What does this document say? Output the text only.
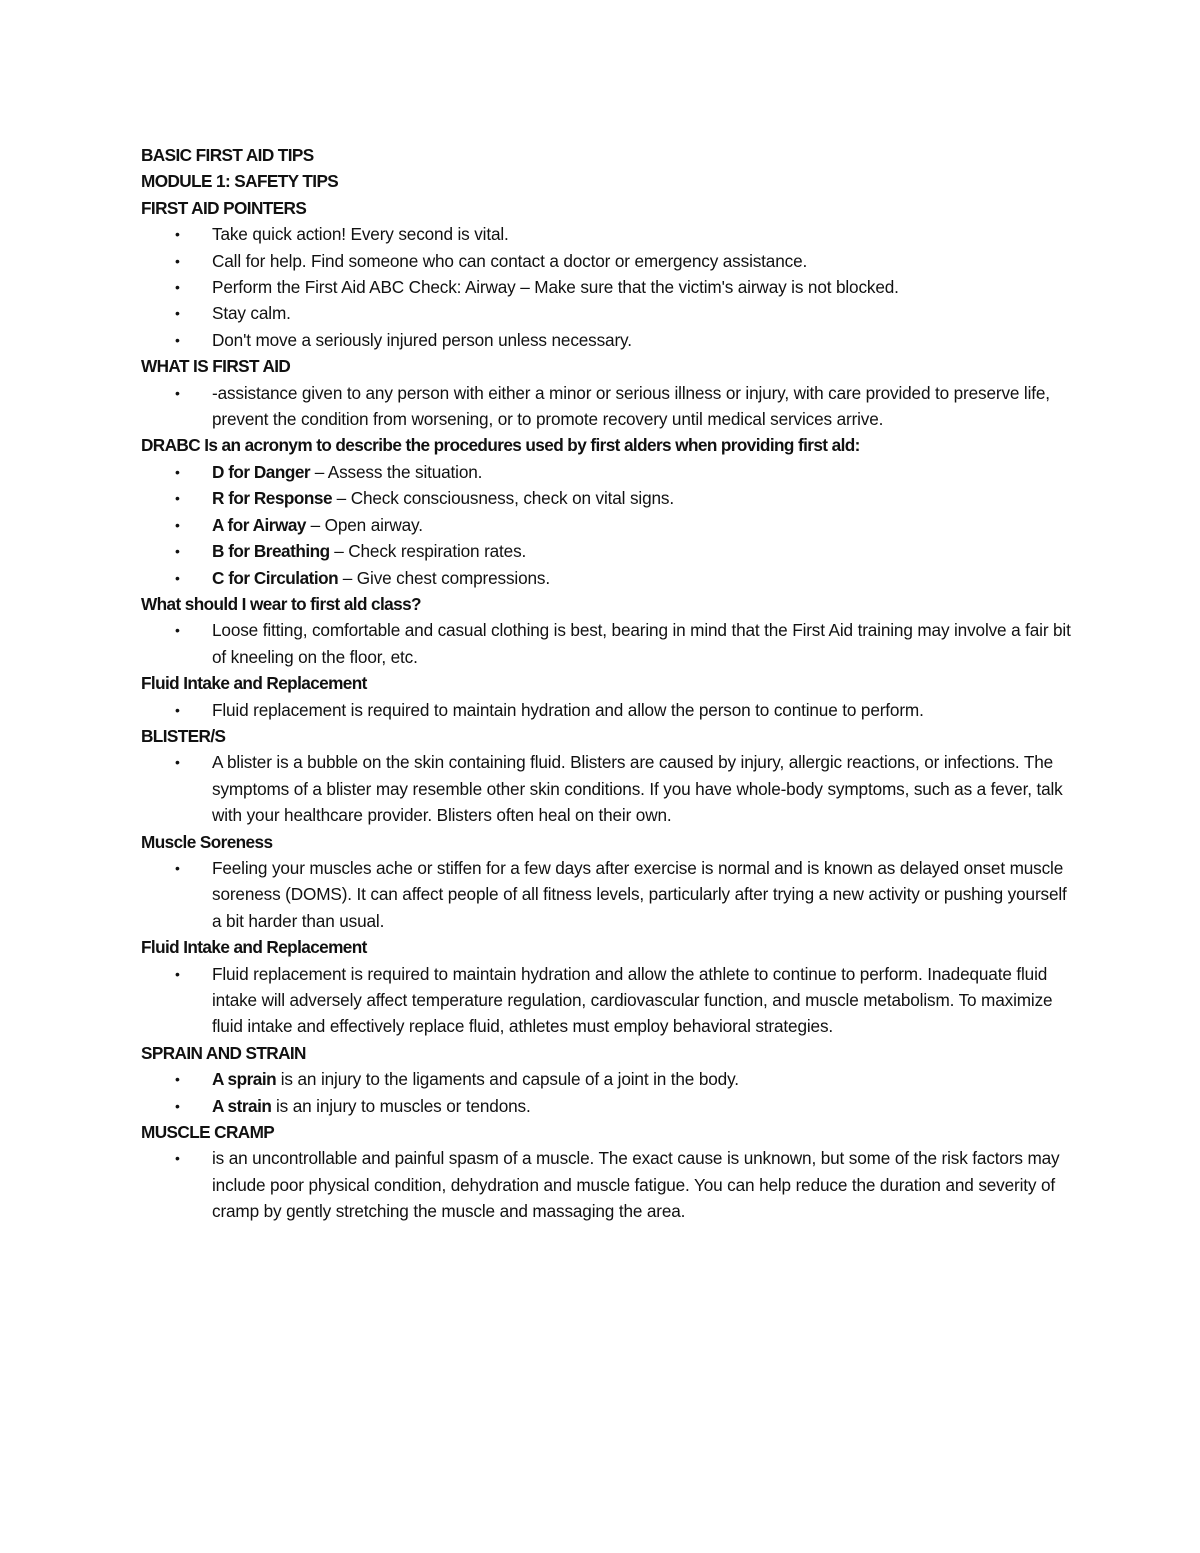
BASIC FIRST AID TIPS
MODULE 1: SAFETY TIPS
FIRST AID POINTERS
• Take quick action! Every second is vital.
• Call for help. Find someone who can contact a doctor or emergency assistance.
• Perform the First Aid ABC Check: Airway – Make sure that the victim's airway is not blocked.
• Stay calm.
• Don't move a seriously injured person unless necessary.
WHAT IS FIRST AID
• -assistance given to any person with either a minor or serious illness or injury, with care provided to preserve life, prevent the condition from worsening, or to promote recovery until medical services arrive.
DRABC Is an acronym to describe the procedures used by first alders when providing first ald:
• D for Danger – Assess the situation.
• R for Response – Check consciousness, check on vital signs.
• A for Airway – Open airway.
• B for Breathing – Check respiration rates.
• C for Circulation – Give chest compressions.
What should I wear to first ald class?
• Loose fitting, comfortable and casual clothing is best, bearing in mind that the First Aid training may involve a fair bit of kneeling on the floor, etc.
Fluid Intake and Replacement
• Fluid replacement is required to maintain hydration and allow the person to continue to perform.
BLISTER/S
• A blister is a bubble on the skin containing fluid. Blisters are caused by injury, allergic reactions, or infections. The symptoms of a blister may resemble other skin conditions. If you have whole-body symptoms, such as a fever, talk with your healthcare provider. Blisters often heal on their own.
Muscle Soreness
• Feeling your muscles ache or stiffen for a few days after exercise is normal and is known as delayed onset muscle soreness (DOMS). It can affect people of all fitness levels, particularly after trying a new activity or pushing yourself a bit harder than usual.
Fluid Intake and Replacement
• Fluid replacement is required to maintain hydration and allow the athlete to continue to perform. Inadequate fluid intake will adversely affect temperature regulation, cardiovascular function, and muscle metabolism. To maximize fluid intake and effectively replace fluid, athletes must employ behavioral strategies.
SPRAIN AND STRAIN
• A sprain is an injury to the ligaments and capsule of a joint in the body.
• A strain is an injury to muscles or tendons.
MUSCLE CRAMP
• is an uncontrollable and painful spasm of a muscle. The exact cause is unknown, but some of the risk factors may include poor physical condition, dehydration and muscle fatigue. You can help reduce the duration and severity of cramp by gently stretching the muscle and massaging the area.
